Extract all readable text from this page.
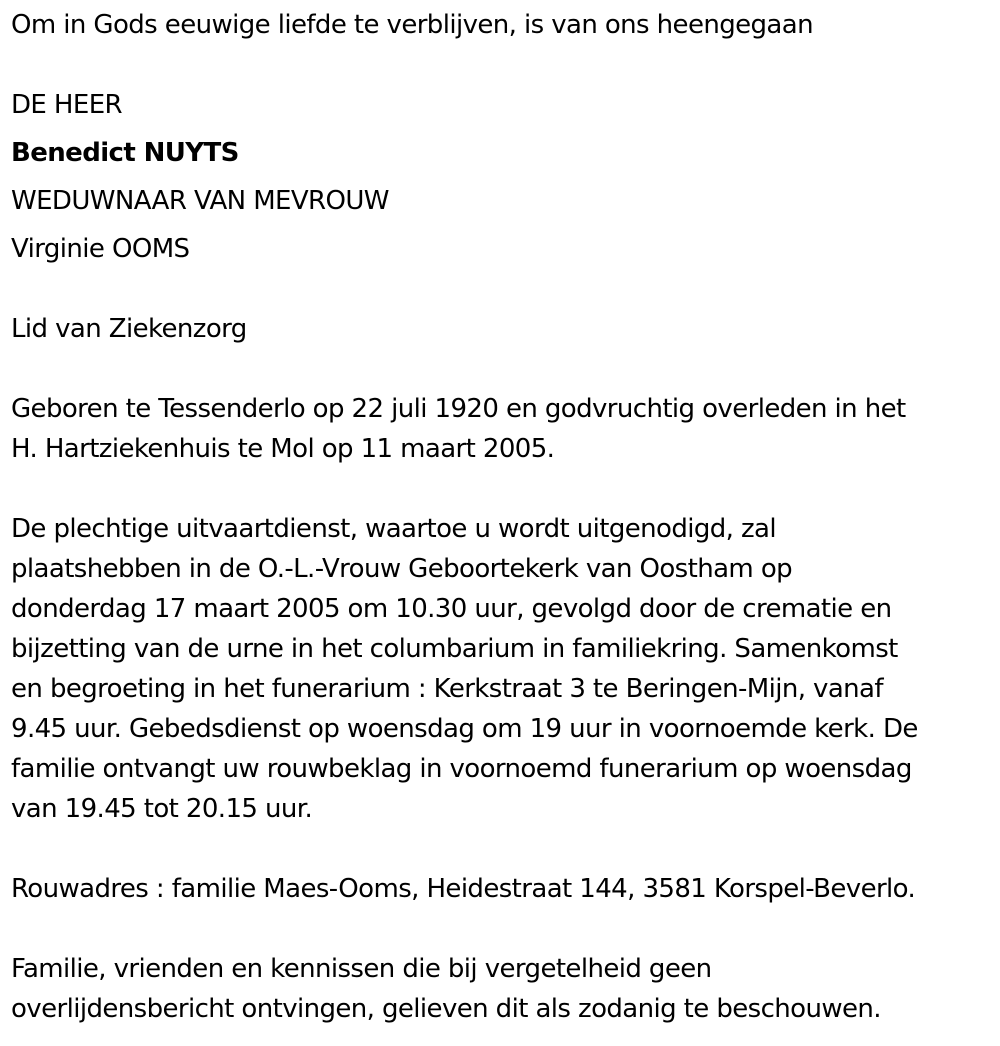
Om in Gods eeuwige liefde te verblijven, is van ons heengegaan
DE HEER
Benedict NUYTS
WEDUWNAAR VAN MEVROUW
Virginie OOMS
Lid van Ziekenzorg
Geboren te Tessenderlo op 22 juli 1920 en godvruchtig overleden in het
H. Hartziekenhuis te Mol op 11 maart 2005.
De plechtige uitvaartdienst, waartoe u wordt uitgenodigd, zal
plaatshebben in de O.-L.-Vrouw Geboortekerk van Oostham op
donderdag 17 maart 2005 om 10.30 uur, gevolgd door de crematie en
bijzetting van de urne in het columbarium in familiekring. Samenkomst
en begroeting in het funerarium : Kerkstraat 3 te Beringen-Mijn, vanaf
9.45 uur. Gebedsdienst op woensdag om 19 uur in voornoemde kerk. De
familie ontvangt uw rouwbeklag in voornoemd funerarium op woensdag
van 19.45 tot 20.15 uur.
Rouwadres : familie Maes-Ooms, Heidestraat 144, 3581 Korspel-Beverlo.
Familie, vrienden en kennissen die bij vergetelheid geen
overlijdensbericht ontvingen, gelieven dit als zodanig te beschouwen.
